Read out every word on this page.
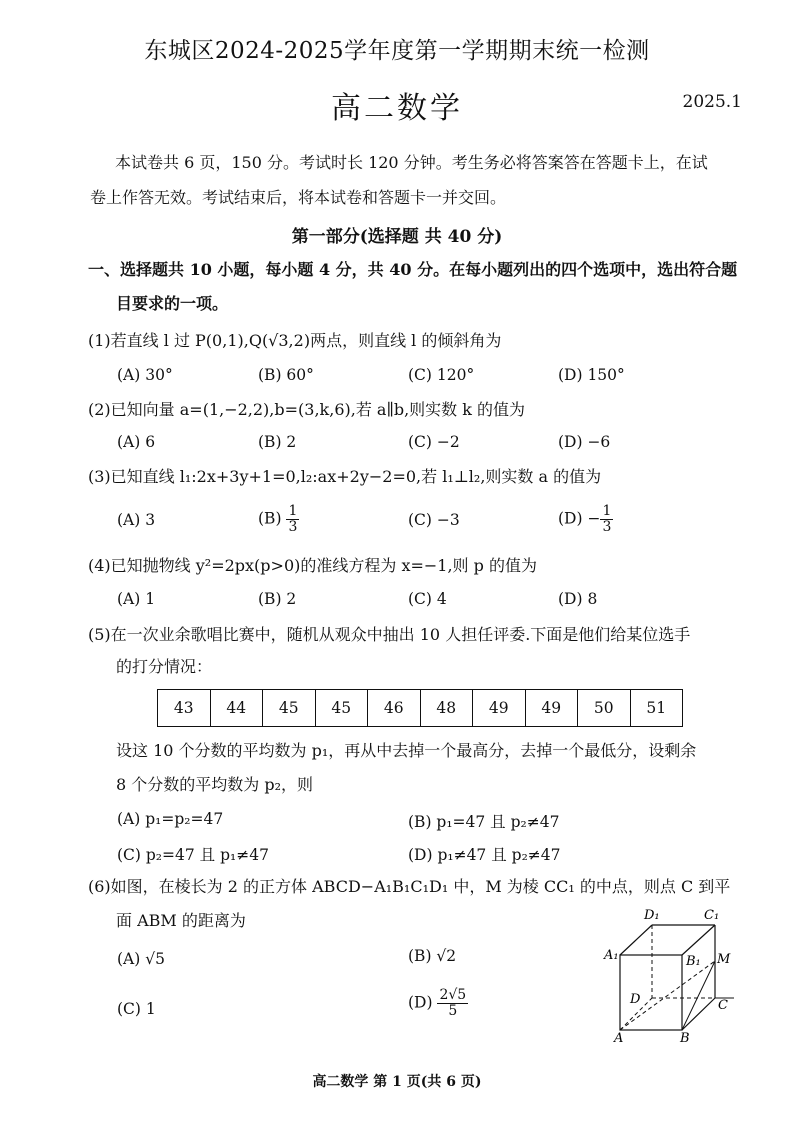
东城区2024-2025学年度第一学期期末统一检测
高二数学	2025.1
本试卷共 6 页，150 分。考试时长 120 分钟。考生务必将答案答在答题卡上，在试
卷上作答无效。考试结束后，将本试卷和答题卡一并交回。
第一部分(选择题 共 40 分)
一、选择题共 10 小题，每小题 4 分，共 40 分。在每小题列出的四个选项中，选出符合题
目要求的一项。
(1)若直线 l 过 P(0,1),Q(√3,2)两点，则直线 l 的倾斜角为
(A) 30°	(B) 60°	(C) 120°	(D) 150°
(2)已知向量 a=(1,−2,2),b=(3,k,6),若 a∥b,则实数 k 的值为
(A) 6	(B) 2	(C) −2	(D) −6
(3)已知直线 l₁:2x+3y+1=0,l₂:ax+2y−2=0,若 l₁⊥l₂,则实数 a 的值为
(A) 3	$(B) \frac{1}{3}$	(C) −3	$(D) - \frac{1}{3}$
(4)已知抛物线 y²=2px(p>0)的准线方程为 x=−1,则 p 的值为
(A) 1	(B) 2	(C) 4	(D) 8
(5)在一次业余歌唱比赛中，随机从观众中抽出 10 人担任评委.下面是他们给某位选手
的打分情况：
43	44	45	45	46	48	49	49	50	51
设这 10 个分数的平均数为 p₁，再从中去掉一个最高分，去掉一个最低分，设剩余
8 个分数的平均数为 p₂，则
(A) p₁=p₂=47	(B) p₁=47 且 p₂≠47
(C) p₂=47 且 p₁≠47	(D) p₁≠47 且 p₂≠47
(6)如图，在棱长为 2 的正方体 ABCD−A₁B₁C₁D₁ 中，M 为棱 CC₁ 的中点，则点 C 到平
面 ABM 的距离为
(A) √5	(B) √2
(C) 1	$(D) \frac{2√5}{5}$
D₁	C₁
A₁	B₁ M
D	C
A	B
高二数学 第 1 页(共 6 页)
